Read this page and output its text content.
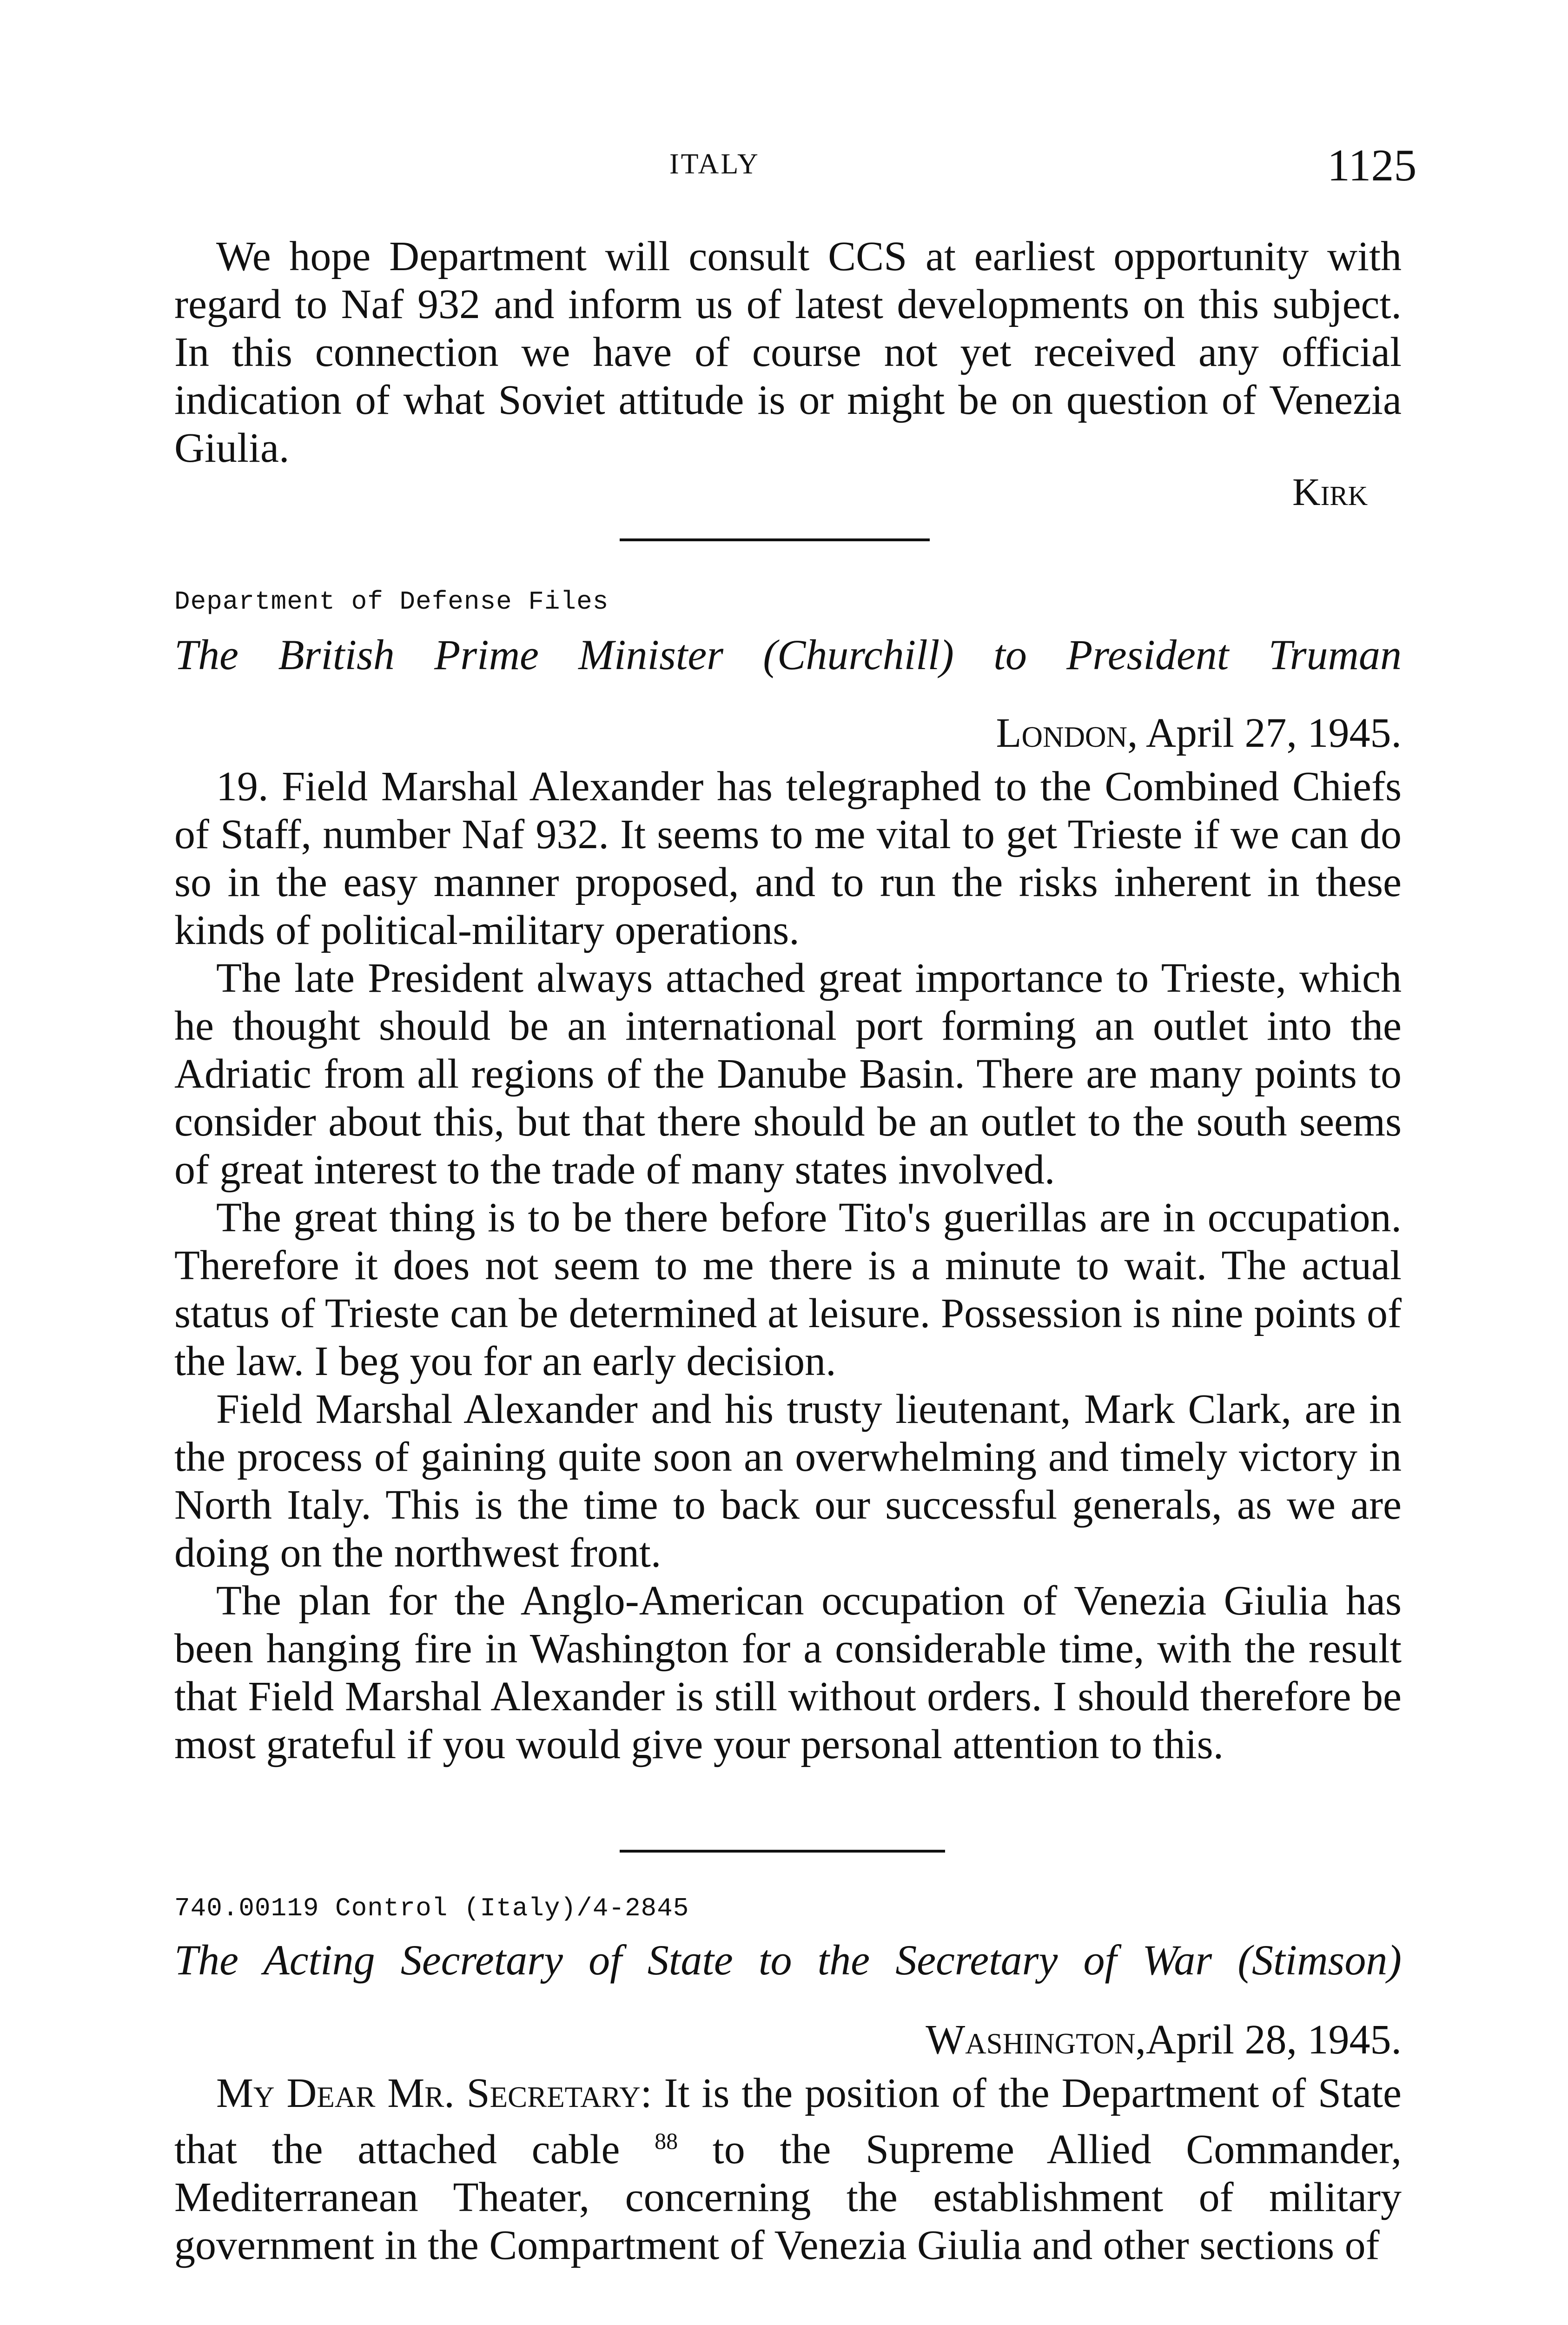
ITALY	1125

We hope Department will consult CCS at earliest opportunity with regard to Naf 932 and inform us of latest developments on this subject. In this connection we have of course not yet received any official indication of what Soviet attitude is or might be on question of Venezia Giulia.

Kirk
Department of Defense Files
The British Prime Minister (Churchill) to President Truman
London, April 27, 1945.

19. Field Marshal Alexander has telegraphed to the Combined Chiefs of Staff, number Naf 932. It seems to me vital to get Trieste if we can do so in the easy manner proposed, and to run the risks inherent in these kinds of political-military operations.

The late President always attached great importance to Trieste, which he thought should be an international port forming an outlet into the Adriatic from all regions of the Danube Basin. There are many points to consider about this, but that there should be an outlet to the south seems of great interest to the trade of many states involved.

The great thing is to be there before Tito's guerillas are in occupation. Therefore it does not seem to me there is a minute to wait. The actual status of Trieste can be determined at leisure. Possession is nine points of the law. I beg you for an early decision.

Field Marshal Alexander and his trusty lieutenant, Mark Clark, are in the process of gaining quite soon an overwhelming and timely victory in North Italy. This is the time to back our successful generals, as we are doing on the northwest front.

The plan for the Anglo-American occupation of Venezia Giulia has been hanging fire in Washington for a considerable time, with the result that Field Marshal Alexander is still without orders. I should therefore be most grateful if you would give your personal attention to this.

740.00119 Control (Italy)/4-2845
The Acting Secretary of State to the Secretary of War (Stimson)
Washington,April 28, 1945.

My Dear Mr. Secretary: It is the position of the Department of State that the attached cable $^{88}$ to the Supreme Allied Commander, Mediterranean Theater, concerning the establishment of military government in the Compartment of Venezia Giulia and other sections of
